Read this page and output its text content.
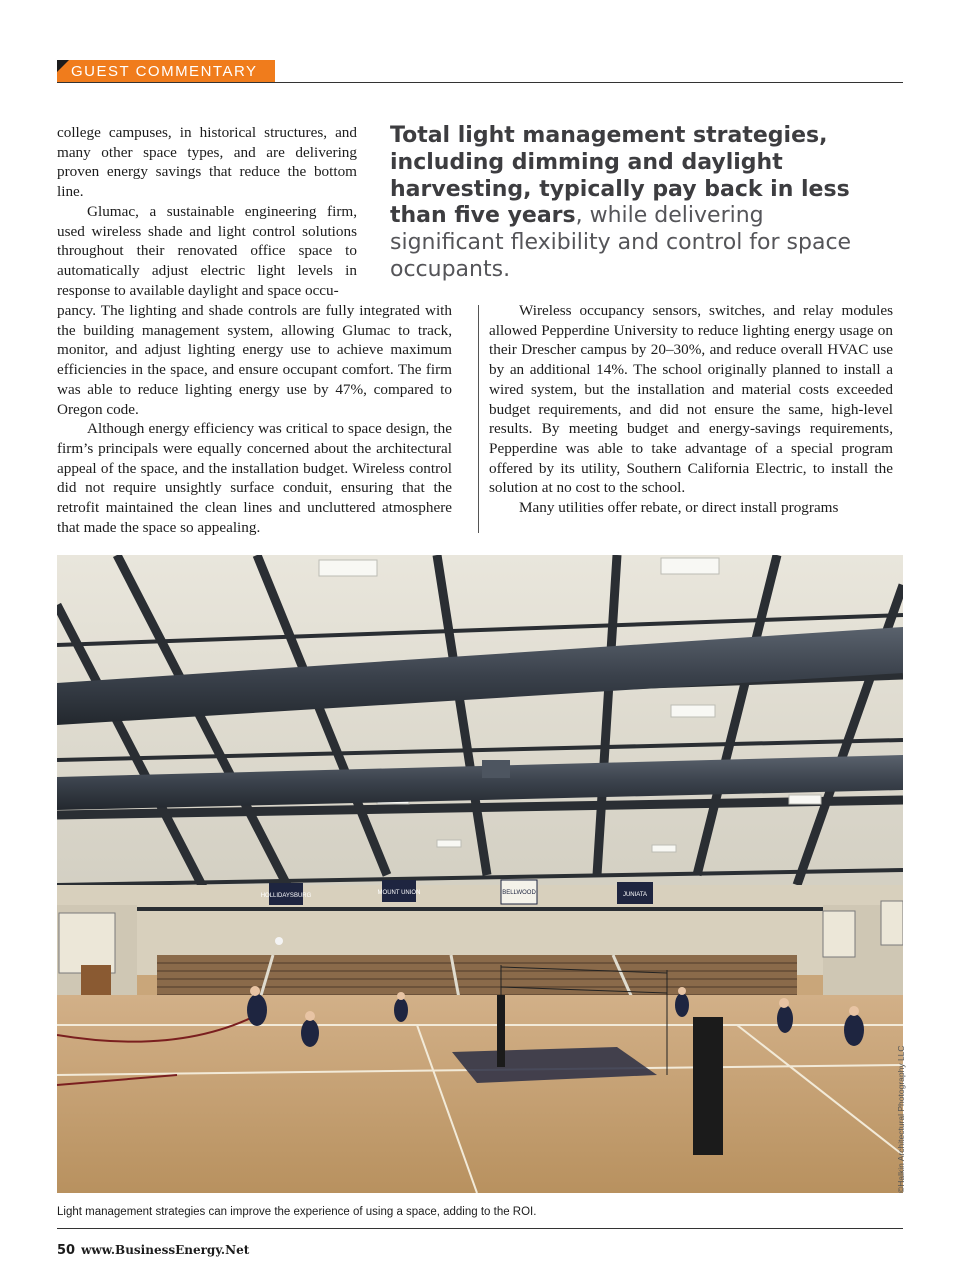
GUEST COMMENTARY

college campuses, in historical structures, and many other space types, and are delivering proven energy savings that reduce the bottom line.

Glumac, a sustainable engineering firm, used wireless shade and light control solutions throughout their renovated office space to automatically adjust electric light levels in response to available daylight and space occu-

Total light management strategies, including dimming and daylight harvesting, typically pay back in less than five years, while delivering significant flexibility and control for space occupants.

pancy. The lighting and shade controls are fully integrated with the building management system, allowing Glumac to track, monitor, and adjust lighting energy use to achieve maximum efficiencies in the space, and ensure occupant comfort. The firm was able to reduce lighting energy use by 47%, compared to Oregon code.

Although energy efficiency was critical to space design, the firm’s principals were equally concerned about the architectural appeal of the space, and the installation budget. Wireless control did not require unsightly surface conduit, ensuring that the retrofit maintained the clean lines and uncluttered atmosphere that made the space so appealing.

Wireless occupancy sensors, switches, and relay modules allowed Pepperdine University to reduce lighting energy usage on their Drescher campus by 20–30%, and reduce overall HVAC use by an additional 14%. The school originally planned to install a wired system, but the installation and material costs exceeded budget requirements, and did not ensure the same, high-level results. By meeting budget and energy-savings requirements, Pepperdine was able to take advantage of a special program offered by its utility, Southern California Electric, to install the solution at no cost to the school.

Many utilities offer rebate, or direct install programs

HOLLIDAYSBURG	MOUNT UNION	BELLWOOD	JUNIATA
©Halkin Architectural Photography LLC
Light management strategies can improve the experience of using a space, adding to the ROI.
50 www.BusinessEnergy.Net
